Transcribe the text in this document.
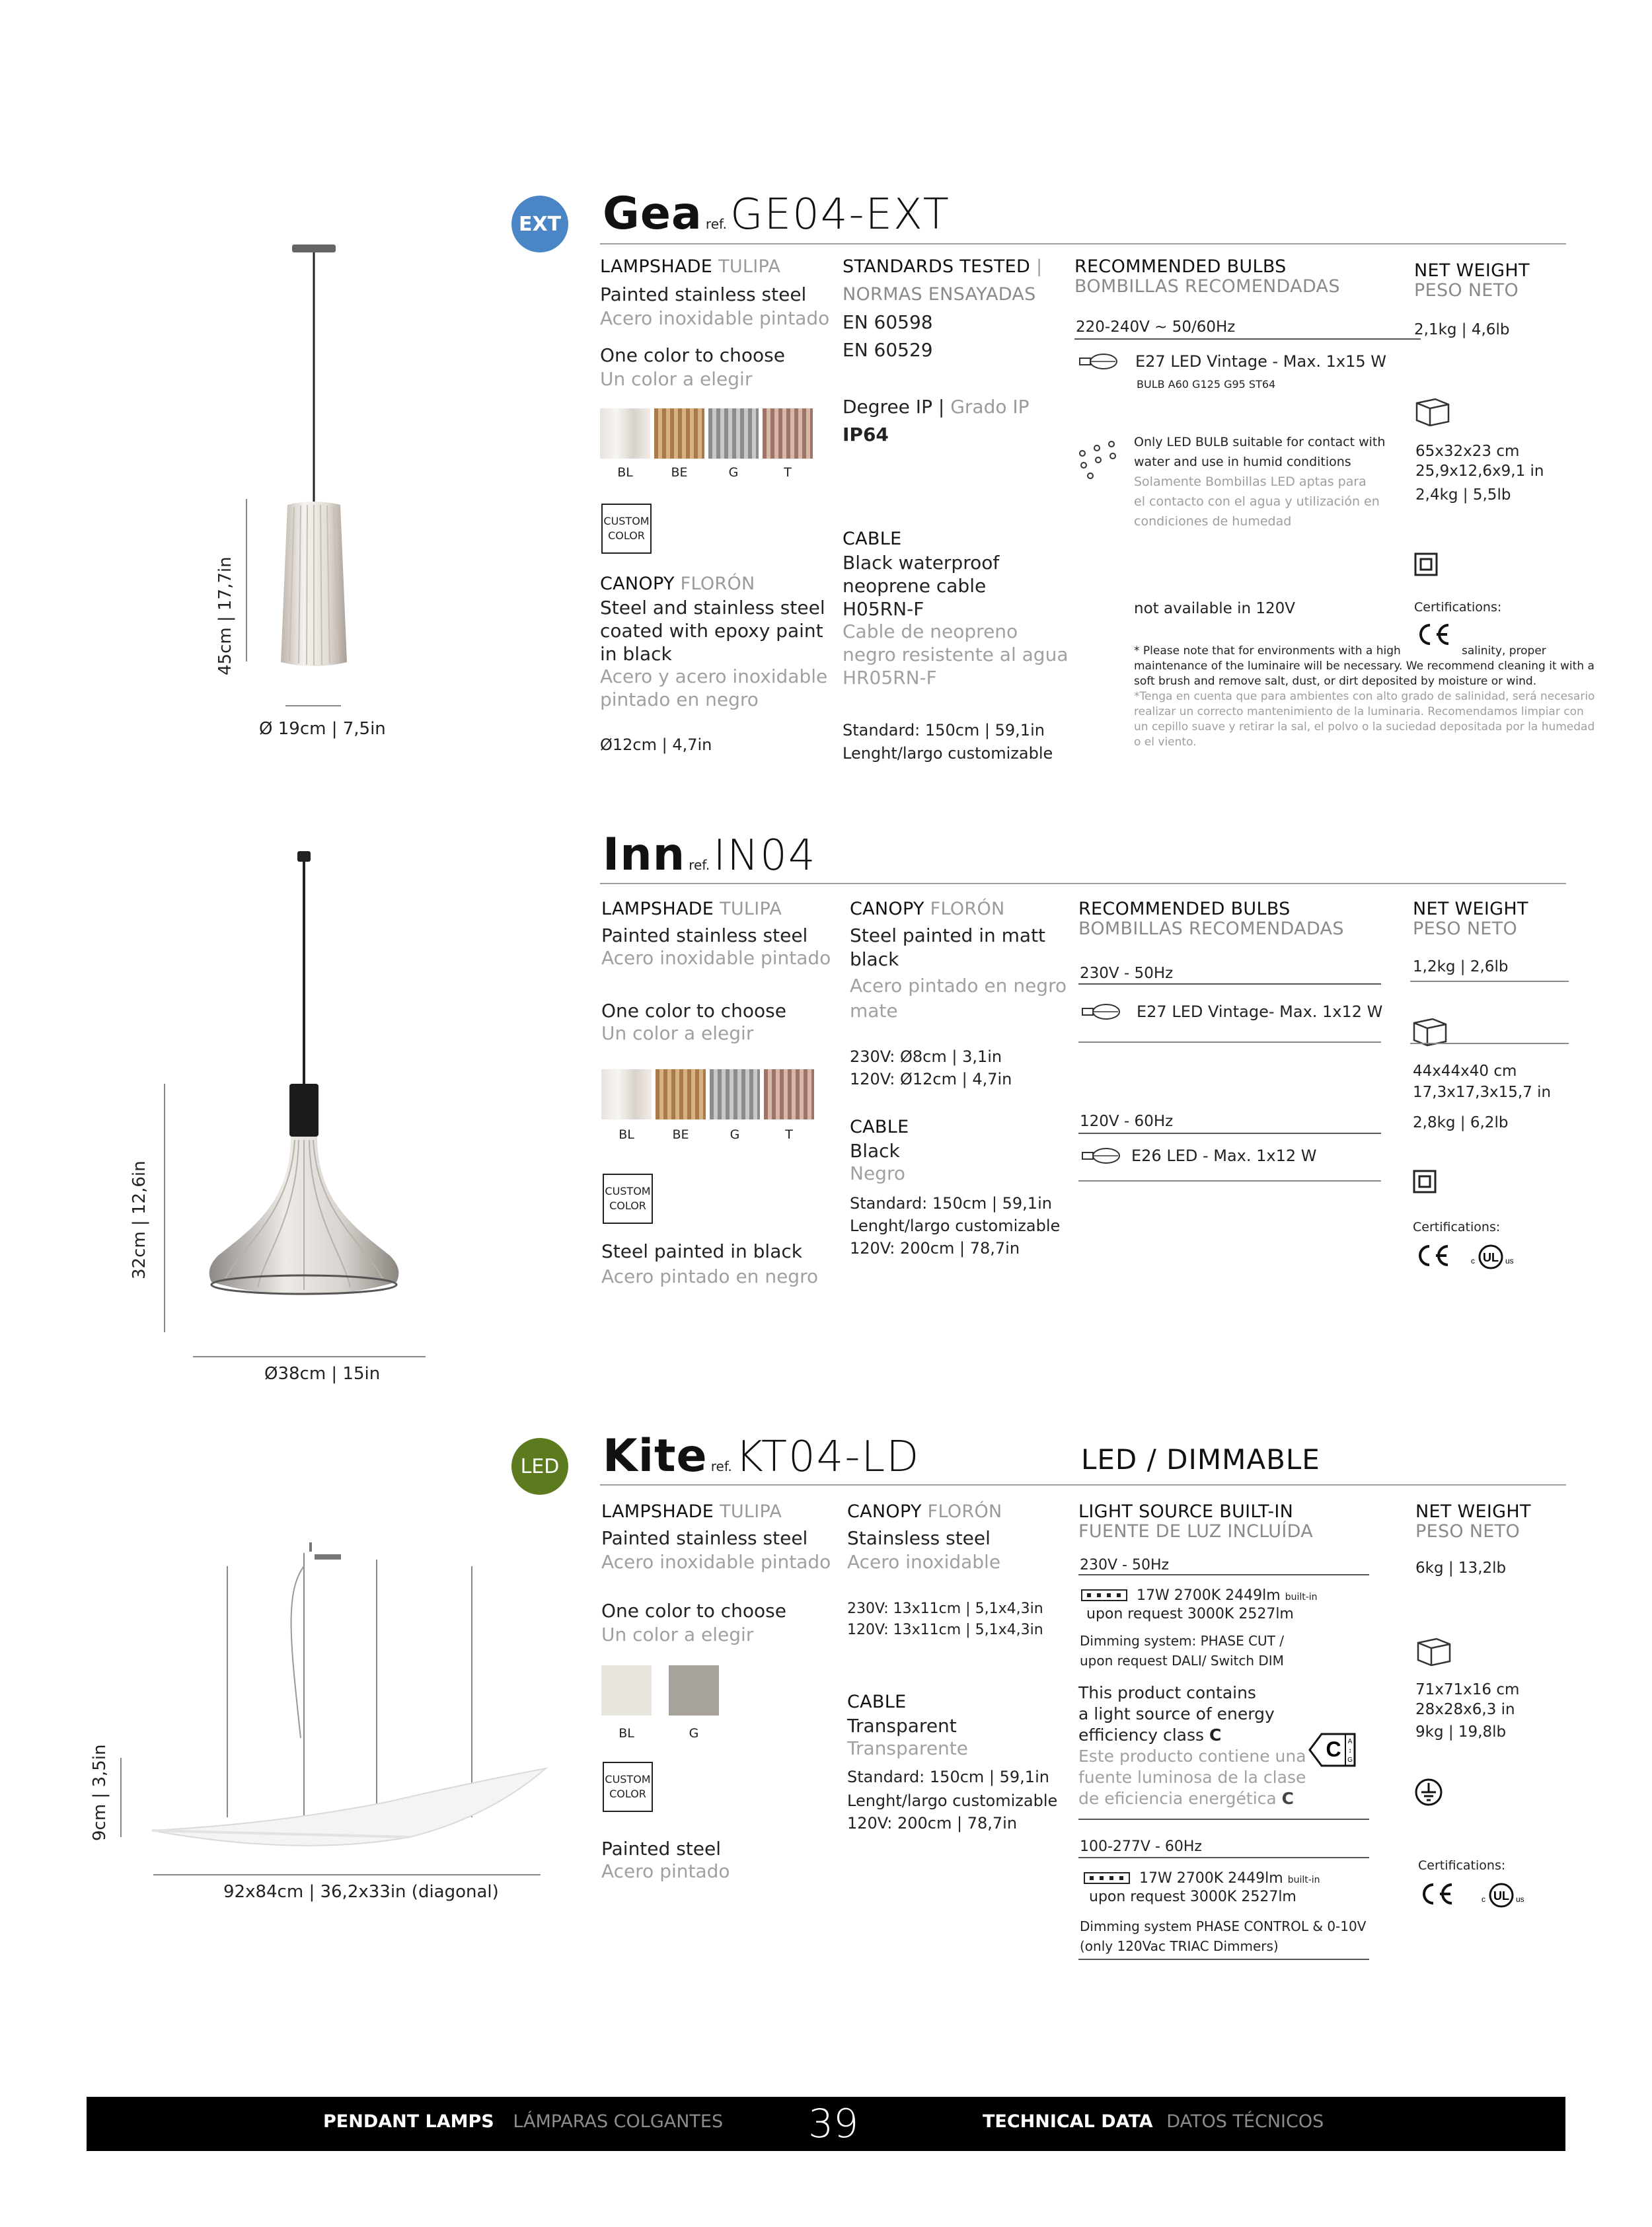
EXT Gea ref. GE04-EXT
45cm | 17,7in
Ø 19cm | 7,5in
LAMPSHADE TULIPA
Painted stainless steel
Acero inoxidable pintado
One color to choose
Un color a elegir
BL	BE	G	T
CUSTOM
COLOR
CANOPY FLORÓN
Steel and stainless steel
coated with epoxy paint
in black
Acero y acero inoxidable
pintado en negro
Ø12cm | 4,7in
STANDARDS TESTED |
NORMAS ENSAYADAS
EN 60598
EN 60529
Degree IP | Grado IP
IP64
CABLE
Black waterproof
neoprene cable
H05RN-F
Cable de neopreno
negro resistente al agua
HR05RN-F
Standard: 150cm | 59,1in
Lenght/largo customizable
RECOMMENDED BULBS
BOMBILLAS RECOMENDADAS
220-240V ~ 50/60Hz
E27 LED Vintage - Max. 1x15 W
BULB A60 G125 G95 ST64
Only LED BULB suitable for contact with
water and use in humid conditions
Solamente Bombillas LED aptas para
el contacto con el agua y utilización en
condiciones de humedad
not available in 120V
NET WEIGHT
PESO NETO
2,1kg | 4,6lb
65x32x23 cm
25,9x12,6x9,1 in
2,4kg | 5,5lb
Certifications:
salinity, proper
* Please note that for environments with a high
maintenance of the luminaire will be necessary. We recommend cleaning it with a
soft brush and remove salt, dust, or dirt deposited by moisture or wind.
*Tenga en cuenta que para ambientes con alto grado de salinidad, será necesario
realizar un correcto mantenimiento de la luminaria. Recomendamos limpiar con
un cepillo suave y retirar la sal, el polvo o la suciedad depositada por la humedad
o el viento.
Inn ref. IN04
32cm | 12,6in
Ø38cm | 15in
LAMPSHADE TULIPA
Painted stainless steel
Acero inoxidable pintado
One color to choose
Un color a elegir
BL	BE	G	T
CUSTOM
COLOR
Steel painted in black
Acero pintado en negro
CANOPY FLORÓN
Steel painted in matt
black
Acero pintado en negro
mate
230V: Ø8cm | 3,1in
120V: Ø12cm | 4,7in
CABLE
Black
Negro
Standard: 150cm | 59,1in
Lenght/largo customizable
120V: 200cm | 78,7in
RECOMMENDED BULBS
BOMBILLAS RECOMENDADAS
230V - 50Hz
E27 LED Vintage- Max. 1x12 W
120V - 60Hz
E26 LED - Max. 1x12 W
NET WEIGHT
PESO NETO
1,2kg | 2,6lb
44x44x40 cm
17,3x17,3x15,7 in
2,8kg | 6,2lb
Certifications:
UL
c	us
LED Kite ref. KT04-LD	LED / DIMMABLE
9cm | 3,5in
92x84cm | 36,2x33in (diagonal)
LAMPSHADE TULIPA
Painted stainless steel
Acero inoxidable pintado
One color to choose
Un color a elegir
BL	G
CUSTOM
COLOR
Painted steel
Acero pintado
CANOPY FLORÓN
Stainsless steel
Acero inoxidable
230V: 13x11cm | 5,1x4,3in
120V: 13x11cm | 5,1x4,3in
CABLE
Transparent
Transparente
Standard: 150cm | 59,1in
Lenght/largo customizable
120V: 200cm | 78,7in
LIGHT SOURCE BUILT-IN
FUENTE DE LUZ INCLUÍDA
230V - 50Hz
17W 2700K 2449lm built-in
upon request 3000K 2527lm
Dimming system: PHASE CUT /
upon request DALI/ Switch DIM
This product contains
a light source of energy
efficiency class C
Este producto contiene una
fuente luminosa de la clase
de eficiencia energética C
C A
↕
G
100-277V - 60Hz
17W 2700K 2449lm built-in
upon request 3000K 2527lm
Dimming system PHASE CONTROL & 0-10V
(only 120Vac TRIAC Dimmers)
NET WEIGHT
PESO NETO
6kg | 13,2lb
71x71x16 cm
28x28x6,3 in
9kg | 19,8lb
Certifications:
UL
c	us
PENDANT LAMPS LÁMPARAS COLGANTES 39	TECHNICAL DATA DATOS TÉCNICOS
